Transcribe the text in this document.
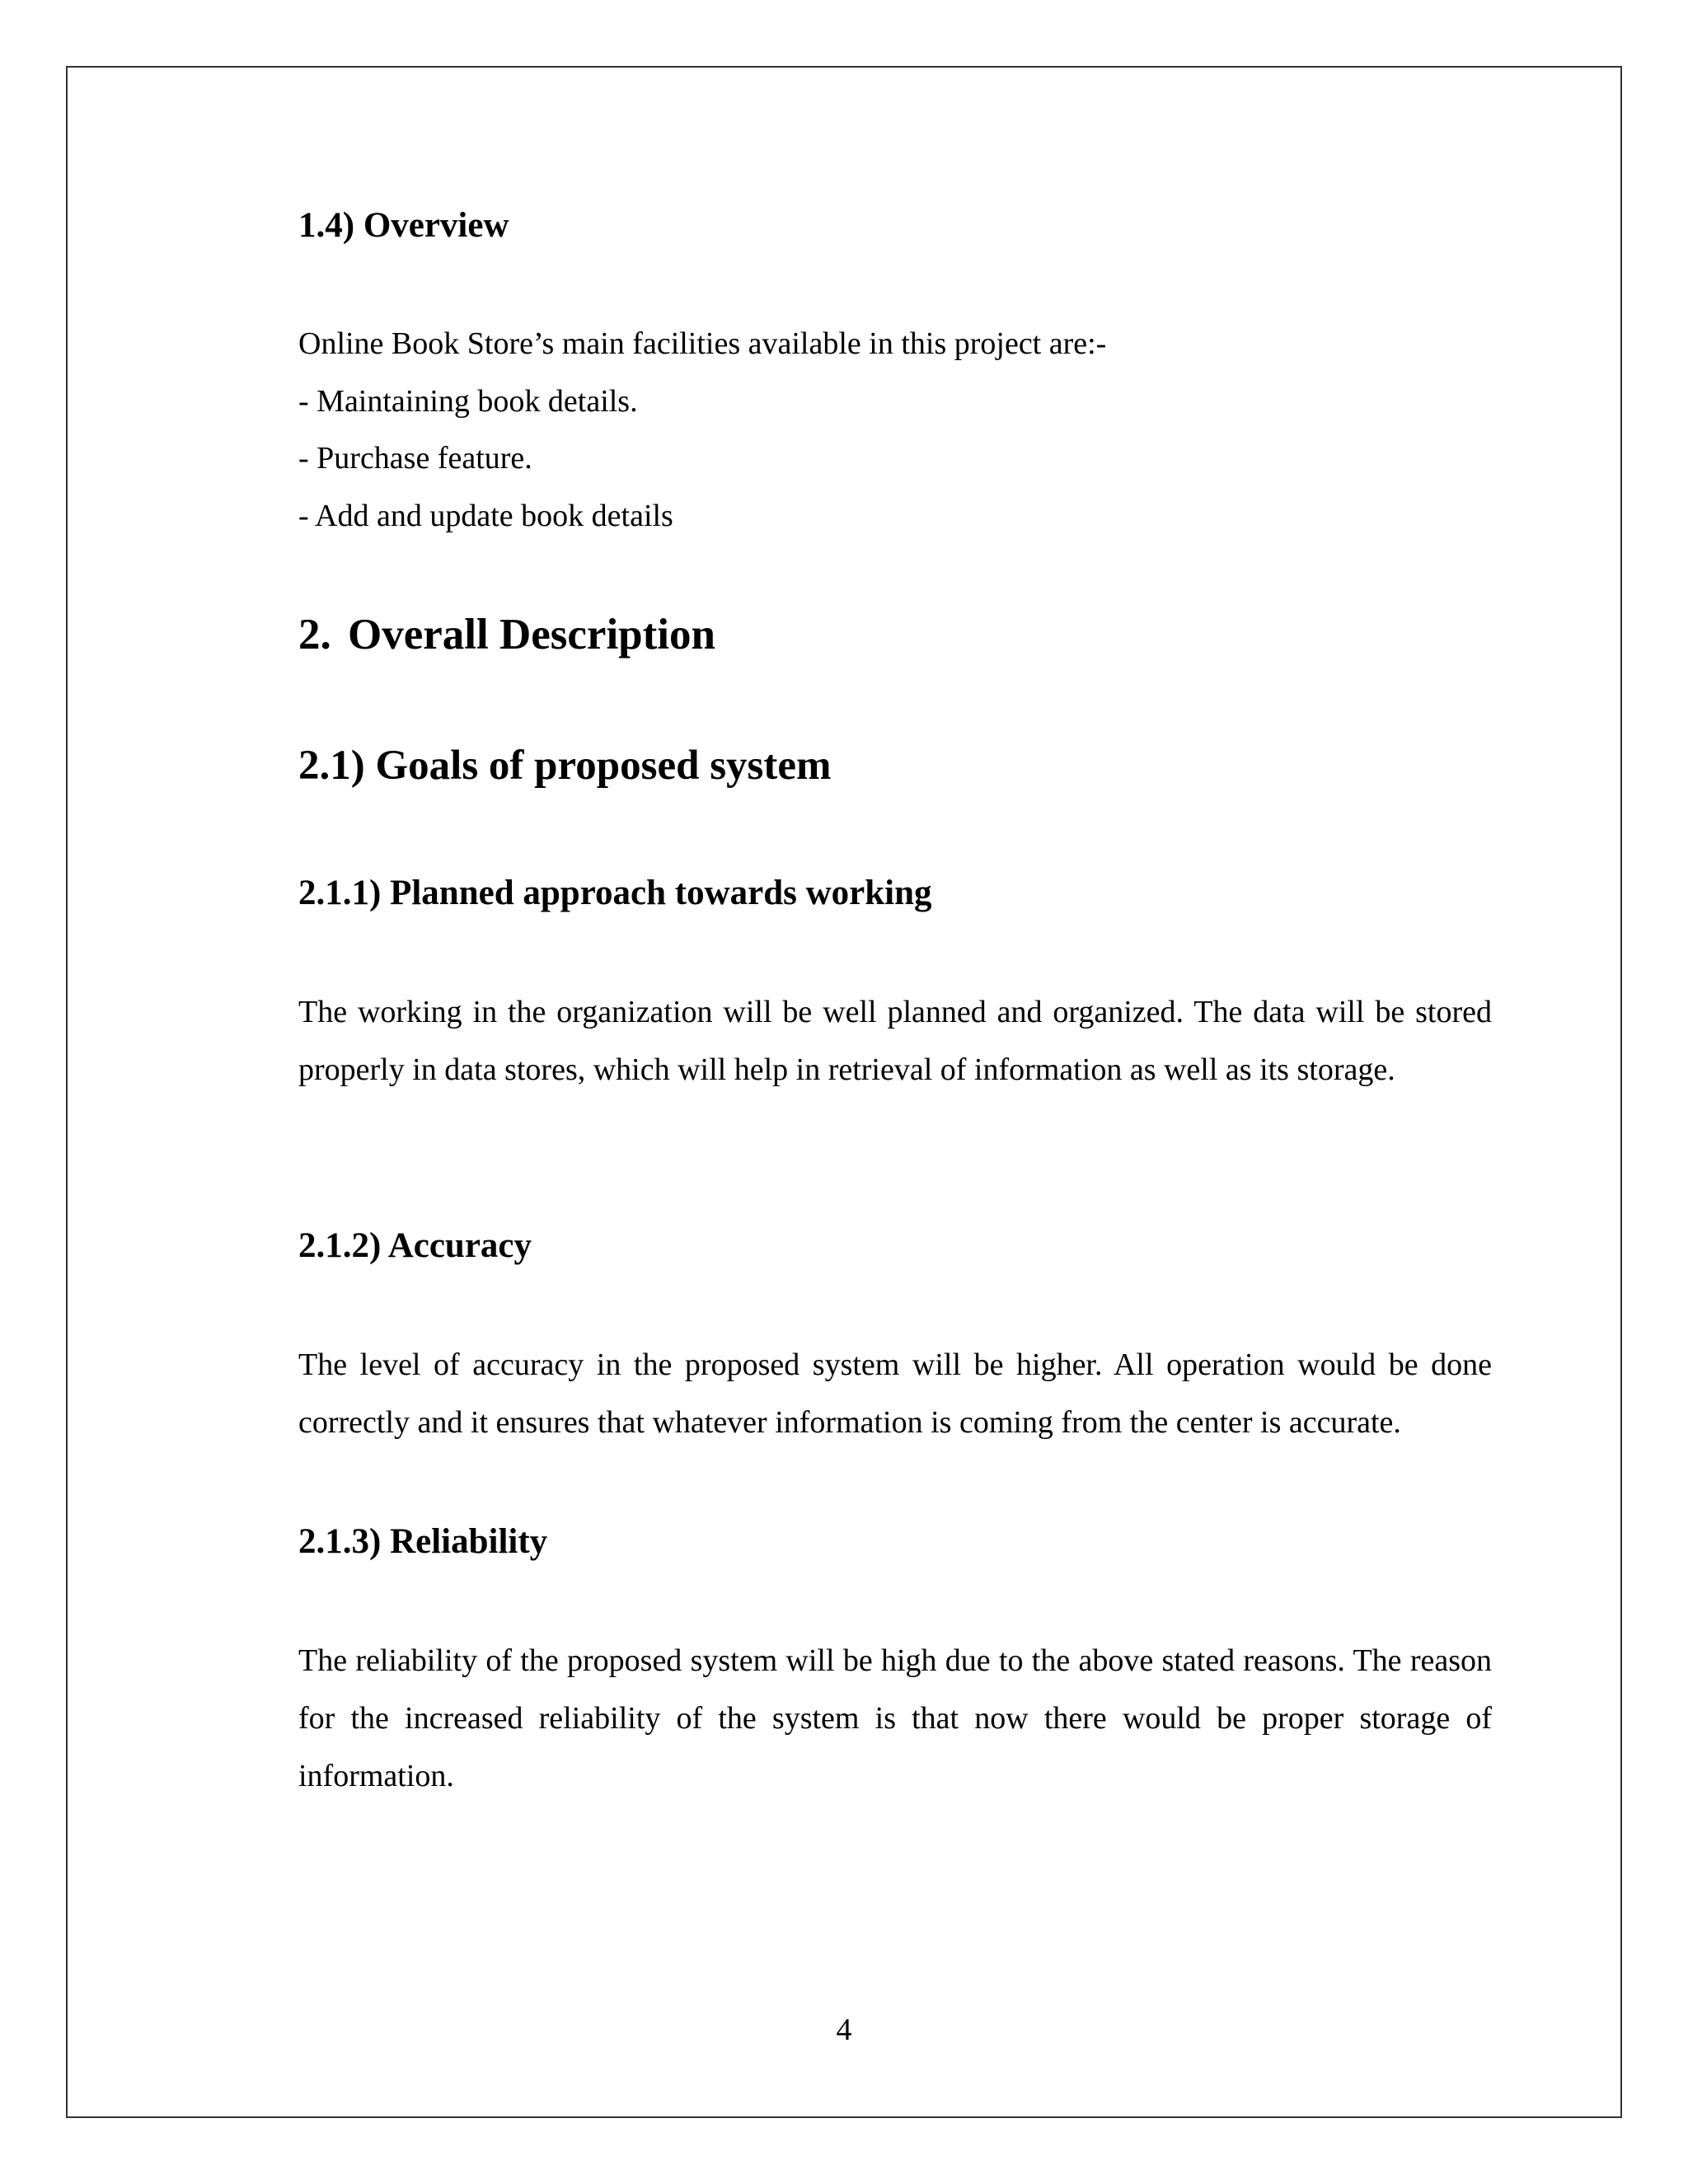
1.4) Overview

Online Book Store’s main facilities available in this project are:-

- Maintaining book details.

- Purchase feature.

- Add and update book details

2. Overall Description
2.1) Goals of proposed system
2.1.1) Planned approach towards working

The working in the organization will be well planned and organized. The data will be stored properly in data stores, which will help in retrieval of information as well as its storage.

2.1.2) Accuracy

The level of accuracy in the proposed system will be higher. All operation would be done correctly and it ensures that whatever information is coming from the center is accurate.

2.1.3) Reliability

The reliability of the proposed system will be high due to the above stated reasons. The reason for the increased reliability of the system is that now there would be proper storage of information.

4
